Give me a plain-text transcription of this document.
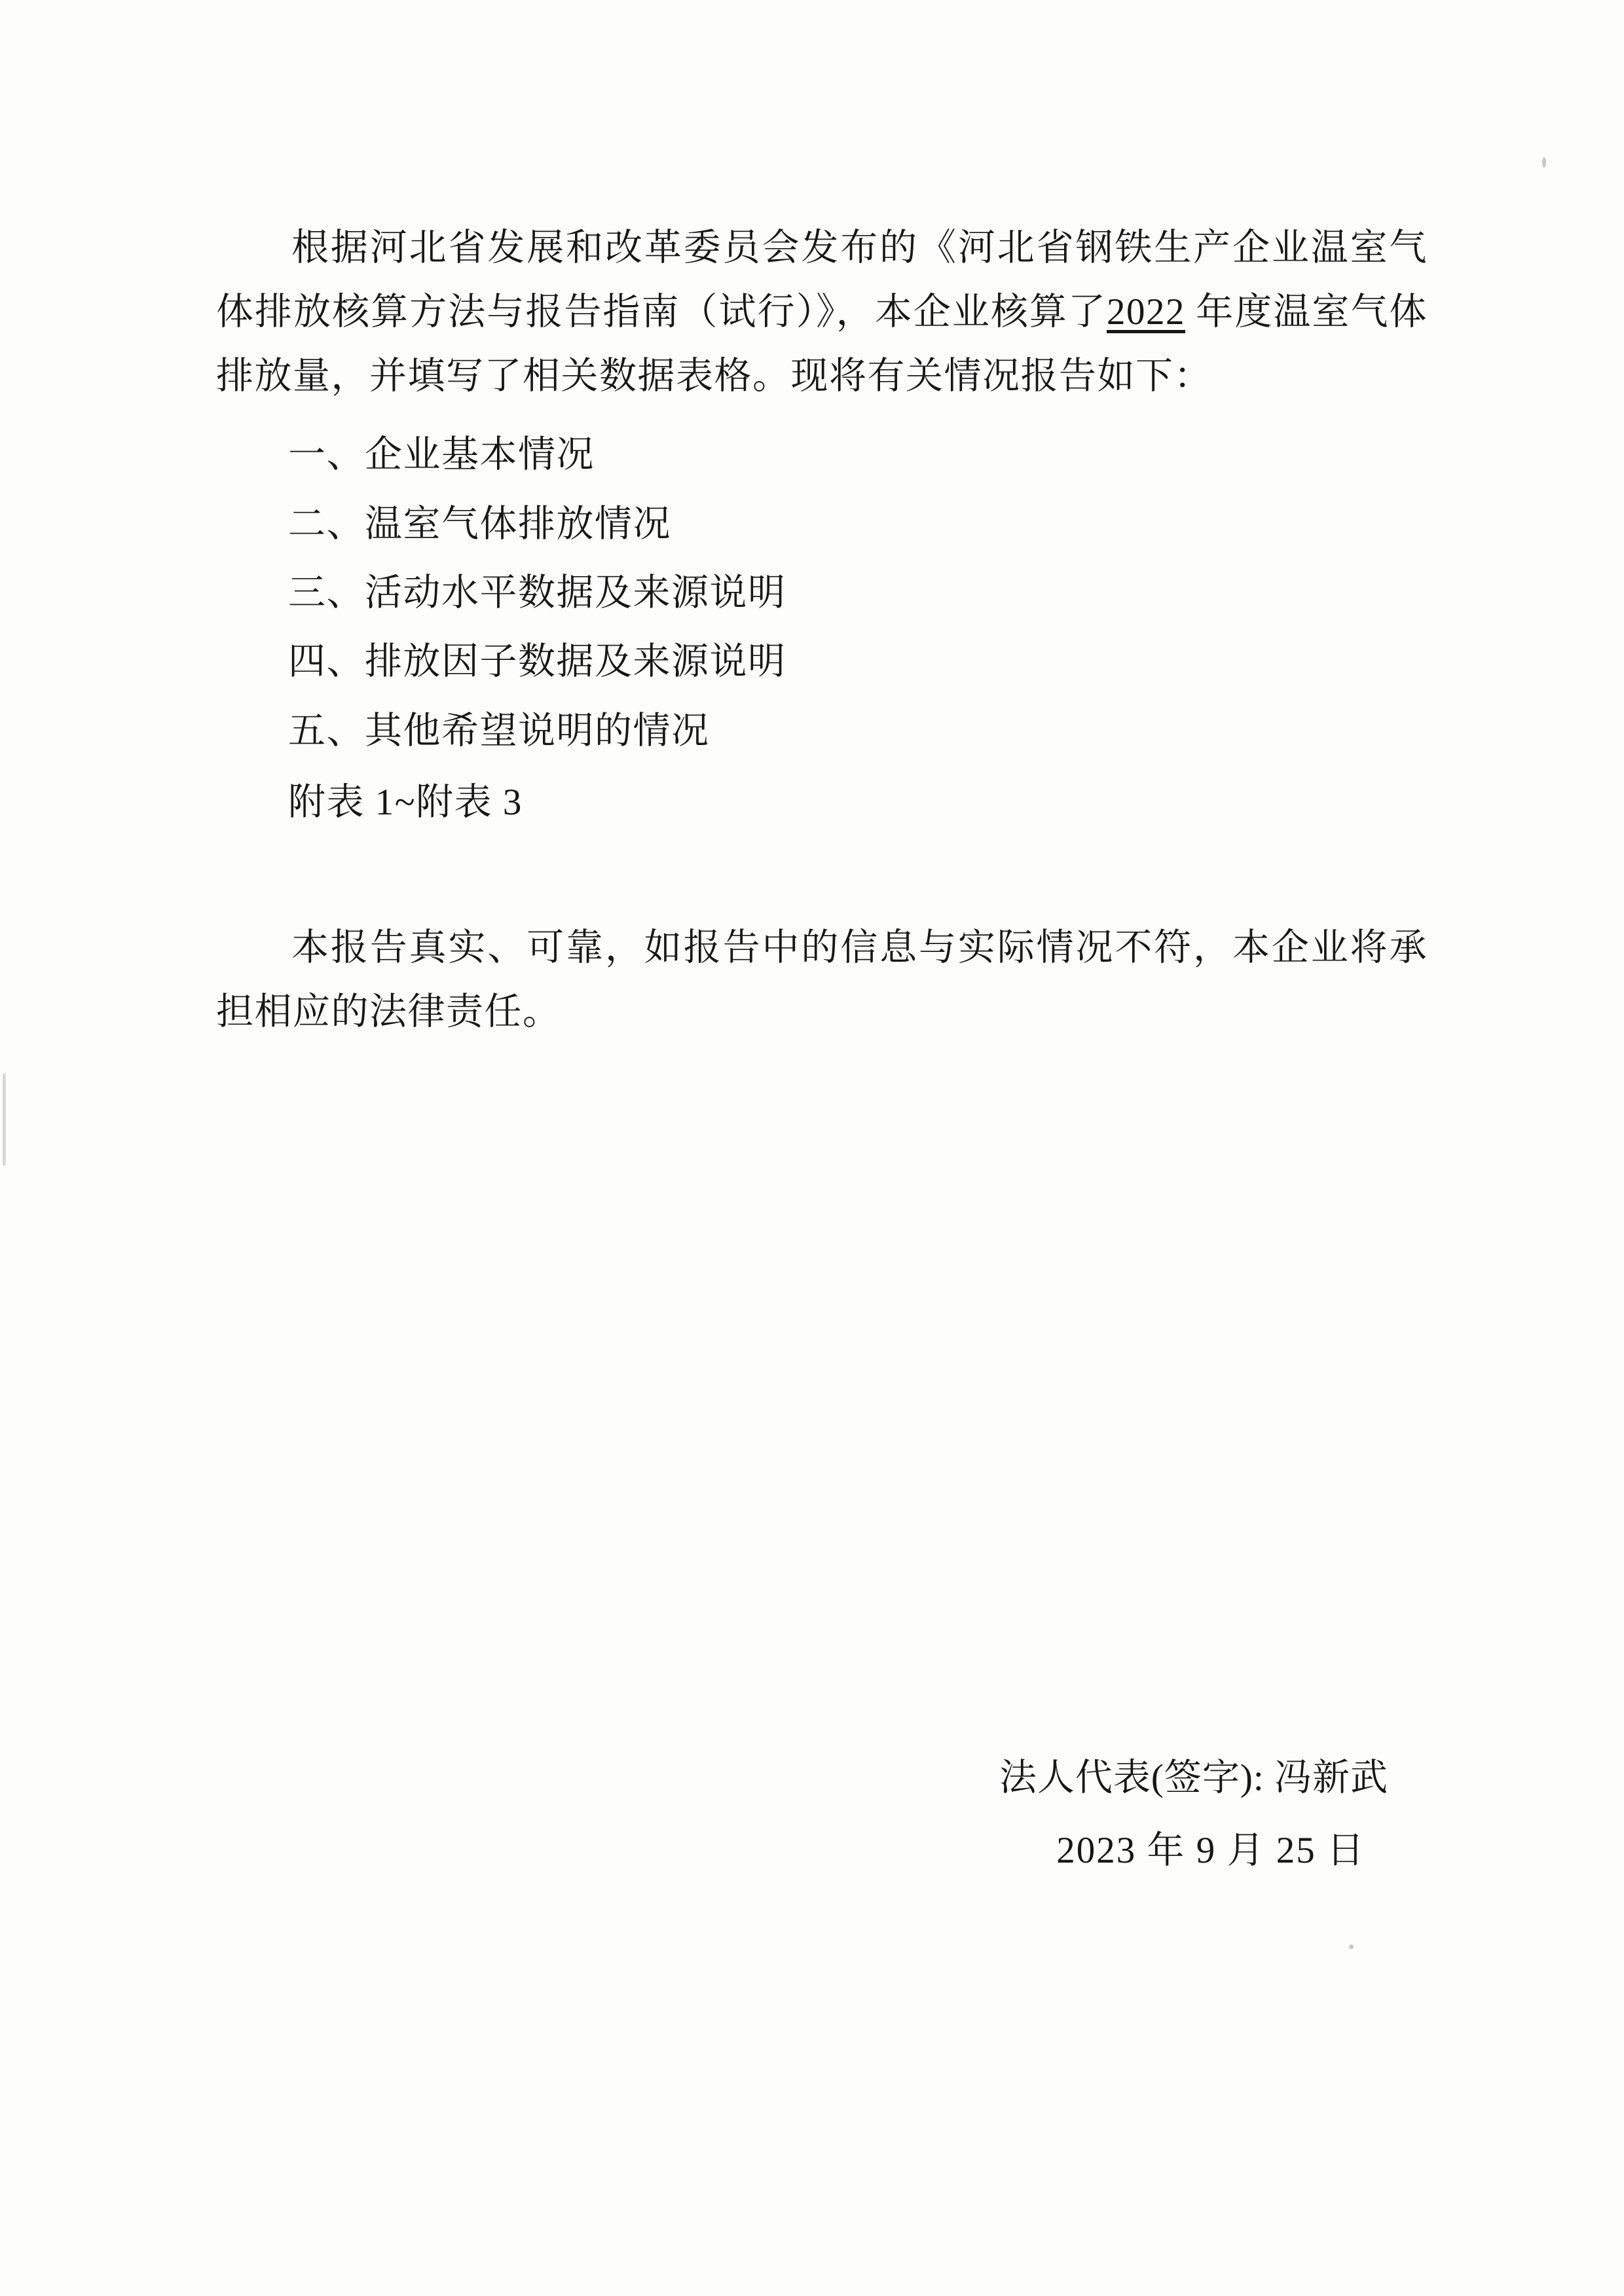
根据河北省发展和改革委员会发布的《河北省钢铁生产企业温室气体排放核算方法与报告指南（试行）》，本企业核算了2022 年度温室气体排放量，并填写了相关数据表格。现将有关情况报告如下：

一、企业基本情况
二、温室气体排放情况
三、活动水平数据及来源说明
四、排放因子数据及来源说明
五、其他希望说明的情况
附表 1~附表 3

本报告真实、可靠，如报告中的信息与实际情况不符，本企业将承担相应的法律责任。

法人代表(签字): 冯新武
2023 年 9 月 25 日
